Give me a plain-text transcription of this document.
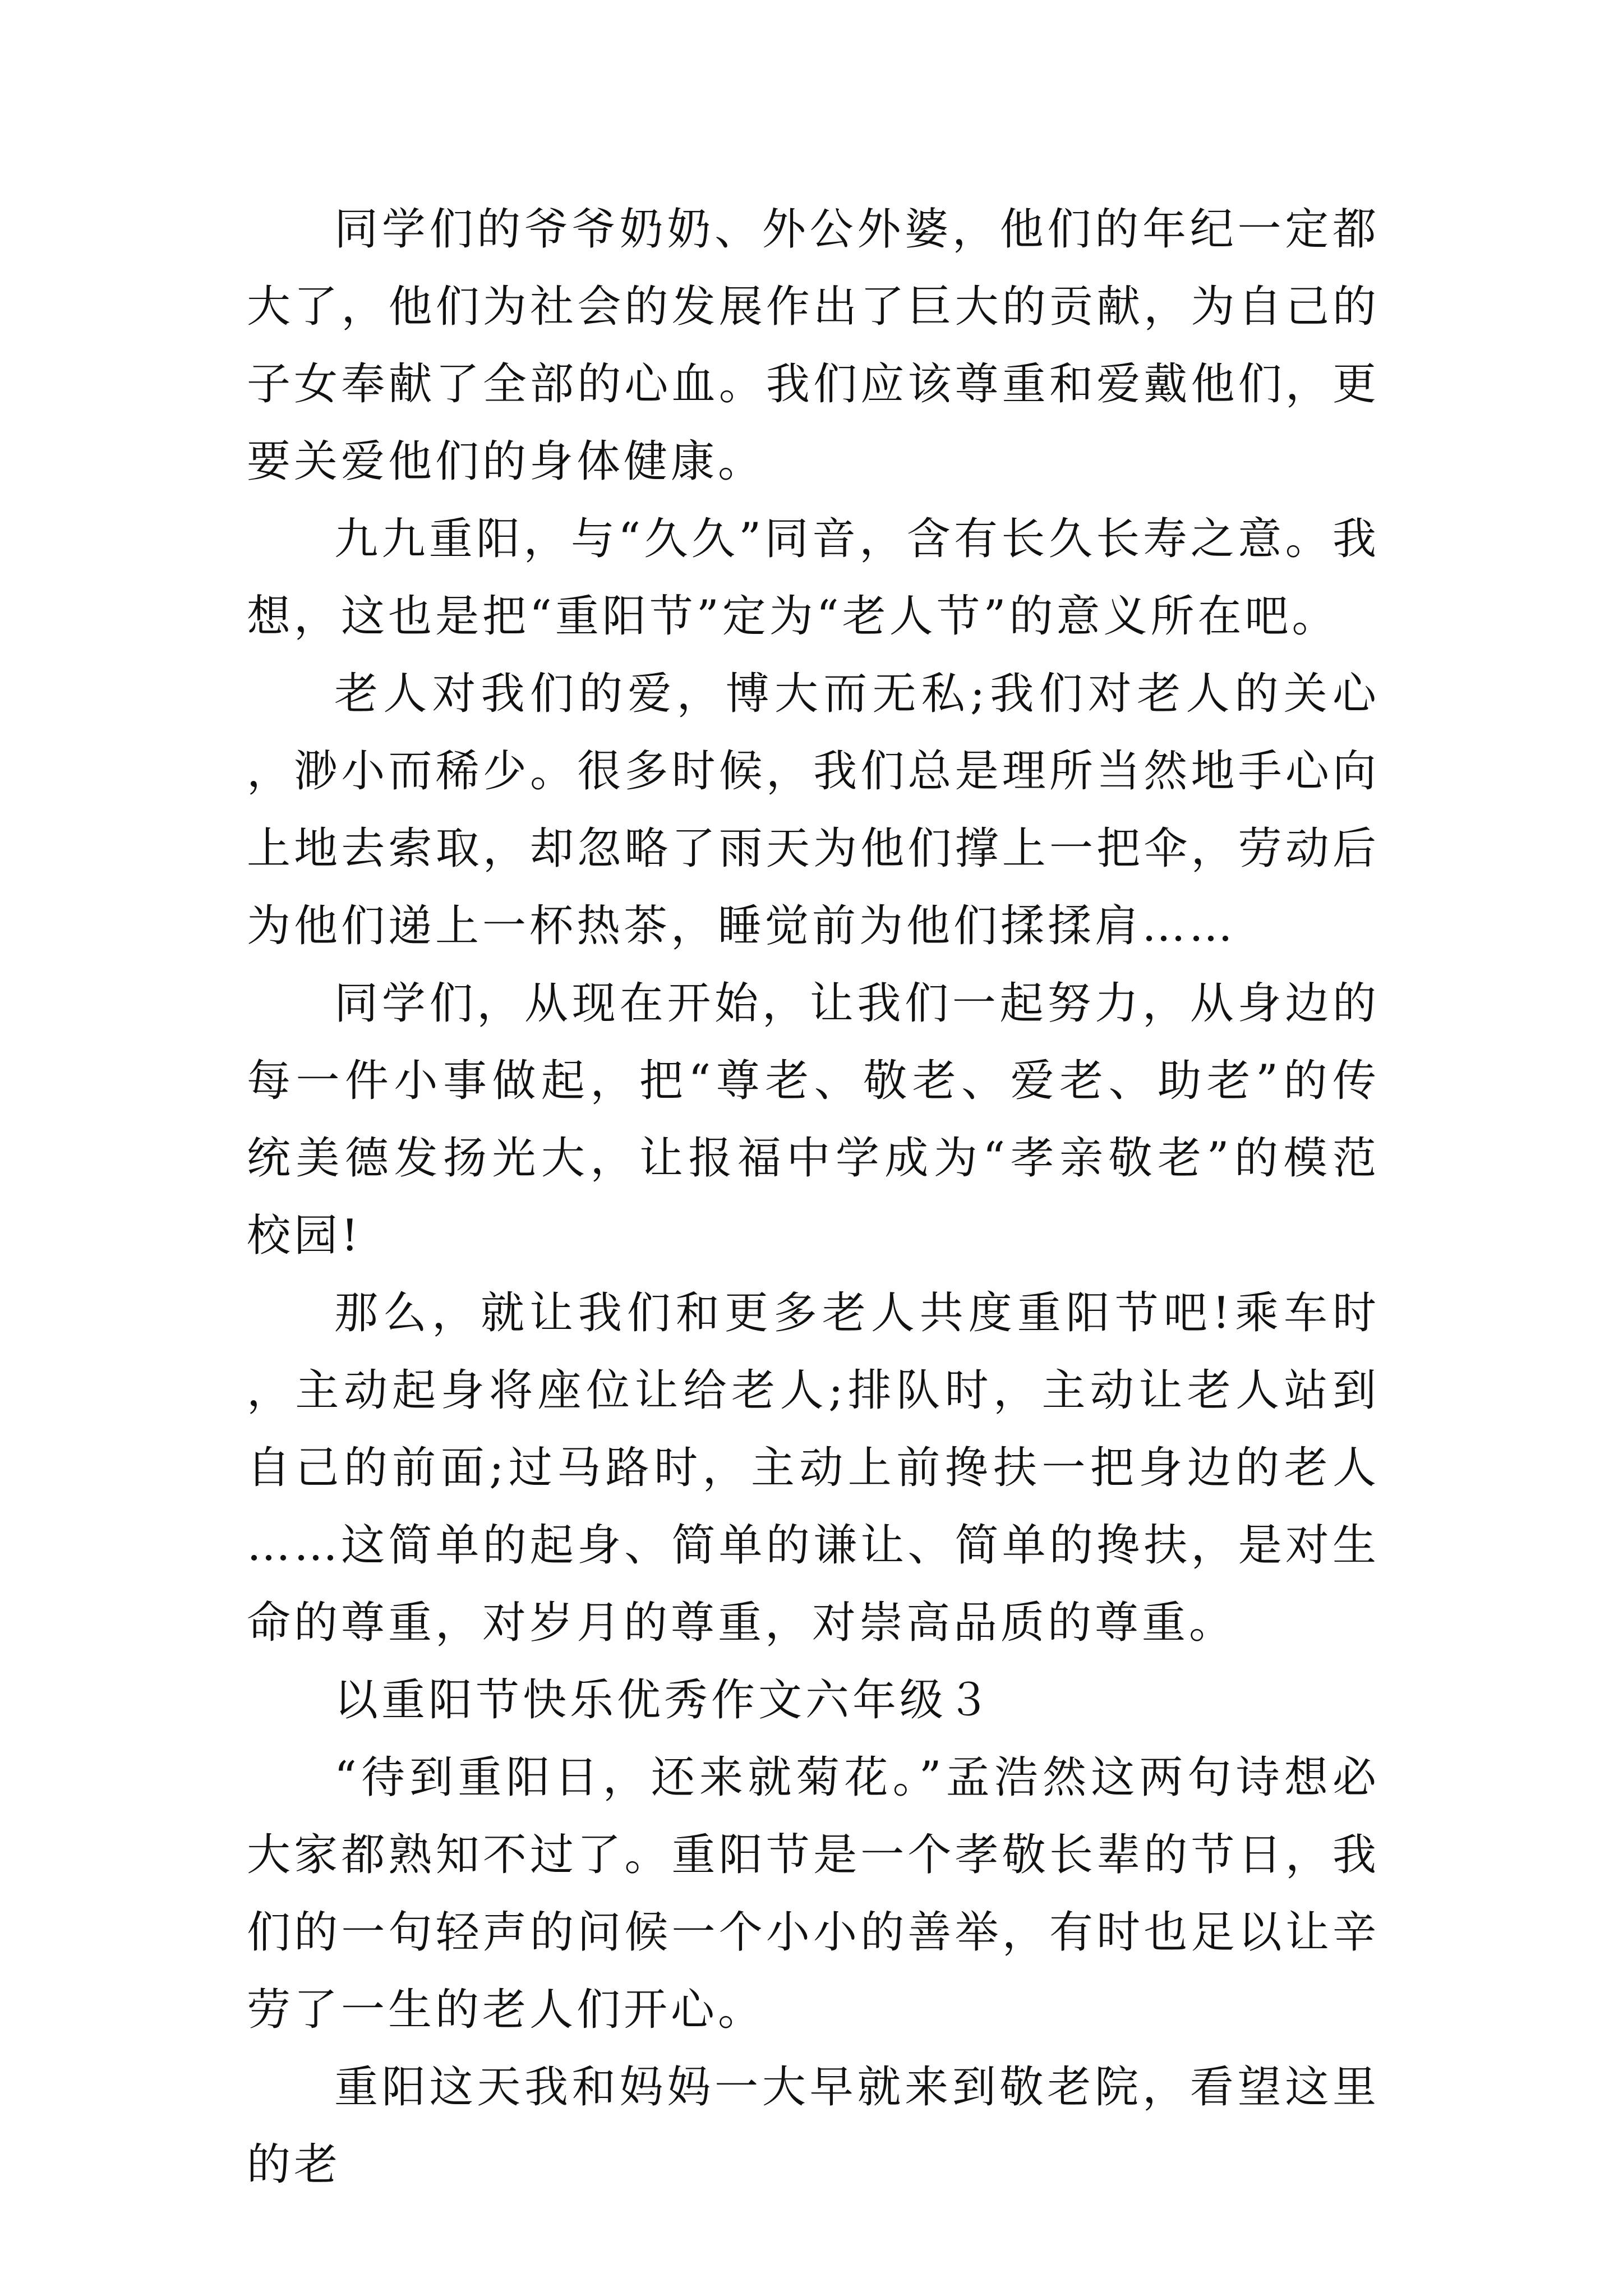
同学们的爷爷奶奶、外公外婆，他们的年纪一定都大了，他们为社会的发展作出了巨大的贡献，为自己的子女奉献了全部的心血。我们应该尊重和爱戴他们，更要关爱他们的身体健康。

九九重阳，与“久久”同音，含有长久长寿之意。我想，这也是把“重阳节”定为“老人节”的意义所在吧。

老人对我们的爱，博大而无私;我们对老人的关心，渺小而稀少。很多时候，我们总是理所当然地手心向上地去索取，却忽略了雨天为他们撑上一把伞，劳动后为他们递上一杯热茶，睡觉前为他们揉揉肩……

同学们，从现在开始，让我们一起努力，从身边的每一件小事做起，把“尊老、敬老、爱老、助老”的传统美德发扬光大，让报福中学成为“孝亲敬老”的模范校园!

那么，就让我们和更多老人共度重阳节吧!乘车时，主动起身将座位让给老人;排队时，主动让老人站到自己的前面;过马路时，主动上前搀扶一把身边的老人……这简单的起身、简单的谦让、简单的搀扶，是对生命的尊重，对岁月的尊重，对崇高品质的尊重。

以重阳节快乐优秀作文六年级３

“待到重阳日，还来就菊花。”孟浩然这两句诗想必大家都熟知不过了。重阳节是一个孝敬长辈的节日，我们的一句轻声的问候一个小小的善举，有时也足以让辛劳了一生的老人们开心。

重阳这天我和妈妈一大早就来到敬老院，看望这里的老
